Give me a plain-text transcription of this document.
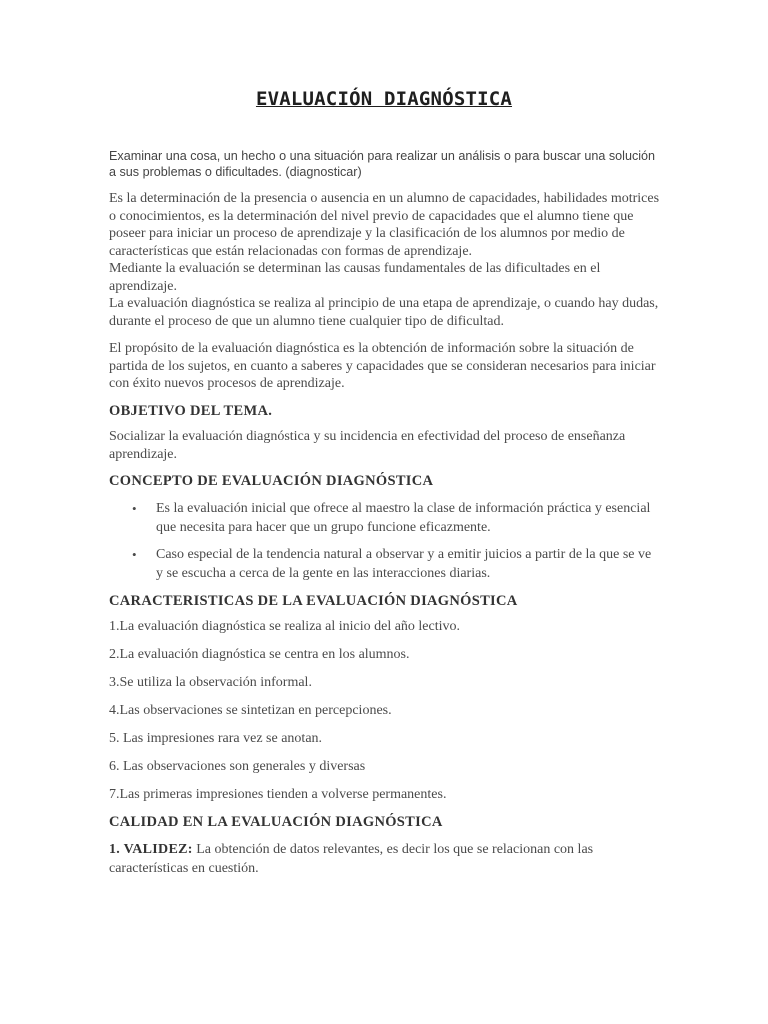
EVALUACIÓN DIAGNÓSTICA

Examinar una cosa, un hecho o una situación para realizar un análisis o para buscar una solución a sus problemas o dificultades. (diagnosticar)

Es la determinación de la presencia o ausencia en un alumno de capacidades, habilidades motrices o conocimientos, es la determinación del nivel previo de capacidades que el alumno tiene que poseer para iniciar un proceso de aprendizaje y la clasificación de los alumnos por medio de características que están relacionadas con formas de aprendizaje.

Mediante la evaluación se determinan las causas fundamentales de las dificultades en el aprendizaje.

La evaluación diagnóstica se realiza al principio de una etapa de aprendizaje, o cuando hay dudas, durante el proceso de que un alumno tiene cualquier tipo de dificultad.

El propósito de la evaluación diagnóstica es la obtención de información sobre la situación de partida de los sujetos, en cuanto a saberes y capacidades que se consideran necesarios para iniciar con éxito nuevos procesos de aprendizaje.

OBJETIVO DEL TEMA.

Socializar la evaluación diagnóstica y su incidencia en efectividad del proceso de enseñanza aprendizaje.

CONCEPTO DE EVALUACIÓN DIAGNÓSTICA

• Es la evaluación inicial que ofrece al maestro la clase de información práctica y esencial que necesita para hacer que un grupo funcione eficazmente.
• Caso especial de la tendencia natural a observar y a emitir juicios a partir de la que se ve y se escucha a cerca de la gente en las interacciones diarias.

CARACTERISTICAS DE LA EVALUACIÓN DIAGNÓSTICA

1.La evaluación diagnóstica se realiza al inicio del año lectivo.

2.La evaluación diagnóstica se centra en los alumnos.

3.Se utiliza la observación informal.

4.Las observaciones se sintetizan en percepciones.

5. Las impresiones rara vez se anotan.

6. Las observaciones son generales y diversas

7.Las primeras impresiones tienden a volverse permanentes.

CALIDAD EN LA EVALUACIÓN DIAGNÓSTICA

1. VALIDEZ: La obtención de datos relevantes, es decir los que se relacionan con las características en cuestión.
